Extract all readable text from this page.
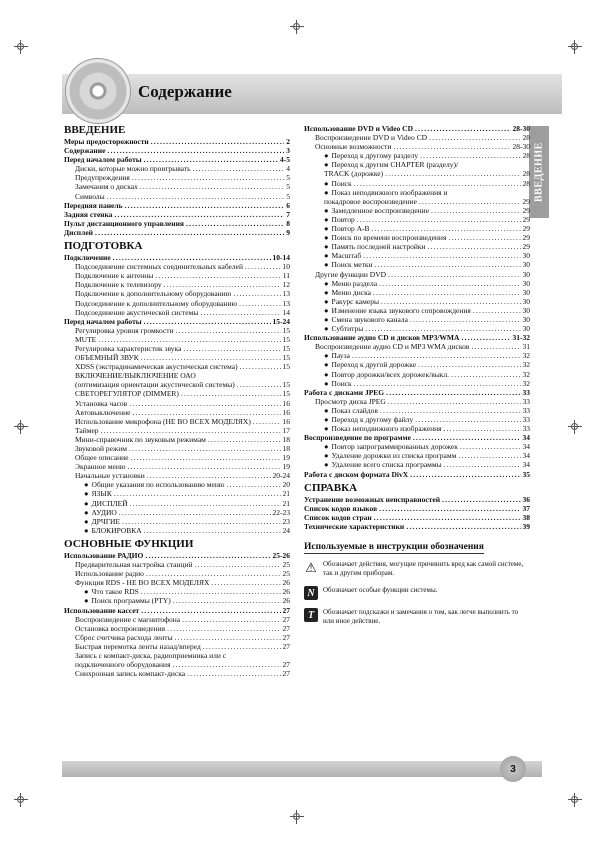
Содержание
ВВЕДЕНИЕ
ВВЕДЕНИЕ
Меры предосторожности .....	2
Содержание .....	3
Перед началом работы .....	4-5
Диски, которые можно проигрывать .....	4
Предупреждения .....	5
Замечания о дисках .....	5
Символы .....	5
Передняя панель .....	6
Задняя стенка .....	7
Пульт дистанционного управления .....	8
Дисплей .....	9
ПОДГОТОВКА
Подключение .....	10-14
Подсоединение системных соединительных кабелей .....	10
Подключение к антенны .....	11
Подключение к телевизору .....	12
Подключение к дополнительному оборудованию .....	13
Подсоединение к дополнительному оборудованию .....	13
Подсоединение акустической системы .....	14
Перед началом работы .....	15-24
Регулировка уровня громкости .....	15
MUTE .....	15
Регулировка характеристик звука .....	15
ОБЪЕМНЫЙ ЗВУК .....	15
XDSS (экстрадинамическая акустическая система) .....	15
ВКЛЮЧЕНИЕ/ВЫКЛЮЧЕНИЕ ОАО
(оптимизация ориентации акустической системы) .....	15
СВЕТОРЕГУЛЯТОР (DIMMER) .....	15
Установка часов .....	16
Автовыключение .....	16
Использование микрофона (НЕ ВО ВСЕХ МОДЕЛЯХ) .....	16
Таймер .....	17
Мини-справочник по звуковым режимам .....	18
Звуковой режим .....	18
Общее описание .....	19
Экранное меню .....	19
Начальные установки .....	20-24
● Общие указания по использованию меню .....	20
● ЯЗЫК .....	21
● ДИСПЛЕЙ .....	21
● АУДИО .....	22-23
● ДРЧГИЕ .....	23
● БЛОКИРОВКА .....	24
ОСНОВНЫЕ ФУНКЦИИ
Использование РАДИО .....	25-26
Предварительная настройка станций .....	25
Использование радио .....	25
Функция RDS - НЕ ВО ВСЕХ МОДЕЛЯХ .....	26
● Что такое RDS .....	26
● Поиск программы (PTY) .....	26
Использование кассет .....	27
Воспроизведение с магнитофона .....	27
Остановка воспроизведения .....	27
Сброс счетчика расхода ленты .....	27
Быстрая перемотка ленты назад/вперед .....	27
Запись с компакт-диска, радиоприемника или с
подключенного оборудования .....	27
Синхронная запись компакт-диска .....	27
Использование DVD и Video CD .....	28-30
Воспроизведение DVD и Video CD .....	28
Основные возможности .....	28-30
● Переход к другому разделу .....	28
● Переход к другим CHAPTER (разделу)/
TRACK (дорожке) .....	28
● Поиск .....	28
● Показ неподвижного изображения и
покадровое воспроизведение .....	29
● Замедленное воспроизведение .....	29
● Повтор .....	29
● Повтор A-B .....	29
● Поиск по времени воспроизведения .....	29
● Память последней настройки .....	29
● Масштаб .....	30
● Поиск метки .....	30
Другие функции DVD .....	30
● Меню раздела .....	30
● Меню диска .....	30
● Ракурс камеры .....	30
● Изменение языка звукового сопровождения .....	30
● Смена звукового канала .....	30
● Субтитры .....	30
Использование аудио CD и дисков MP3/WMA .....	31-32
Воспроизведение аудио CD и MP3 WMA дисков .....	31
● Пауза .....	32
● Переход к другой дорожке .....	32
● Повтор дорожки/всех дорожек/выкл. .....	32
● Поиск .....	32
Работа с дисками JPEG .....	33
Просмотр диска JPEG .....	33
● Показ слайдов .....	33
● Переход к другому файлу .....	33
● Показ неподвижного изображения .....	33
Воспроизведение по программе .....	34
● Повтор запрограммированных дорожек .....	34
● Удаление дорожки из списка программ .....	34
● Удаление всего списка программы .....	34
Работа с диском формата DivX .....	35
СПРАВКА
Устранение возможных неисправностей .....	36
Список кодов языков .....	37
Список кодов стран .....	38
Технические характеристики .....	39
Используемые в инструкции обозначения
⚠ Обозначает действия, могущие причинить вред как самой системе, так и другим приборам.
N	Обозначает особые функции системы.
T	Обозначает подсказки и замечания о том, как легче выполнить то или иное действие.
3
